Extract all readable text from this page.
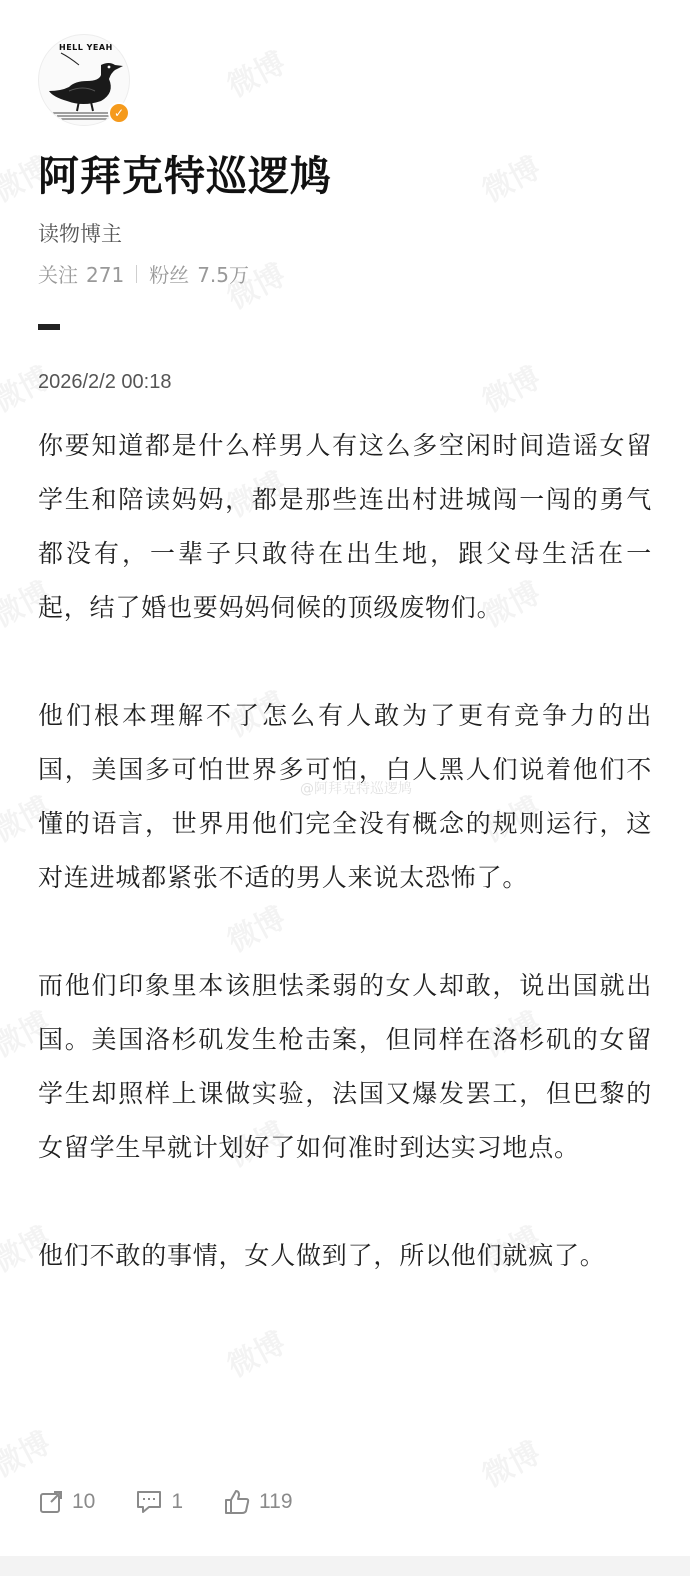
@阿拜克特巡逻鸠
HELL YEAH
✓
阿拜克特巡逻鸠
读物博主
关注 271 粉丝 7.5万
2026/2/2 00:18

你要知道都是什么样男人有这么多空闲时间造谣女留学生和陪读妈妈，都是那些连出村进城闯一闯的勇气都没有，一辈子只敢待在出生地，跟父母生活在一起，结了婚也要妈妈伺候的顶级废物们。

他们根本理解不了怎么有人敢为了更有竞争力的出国，美国多可怕世界多可怕，白人黑人们说着他们不懂的语言，世界用他们完全没有概念的规则运行，这对连进城都紧张不适的男人来说太恐怖了。

而他们印象里本该胆怯柔弱的女人却敢，说出国就出国。美国洛杉矶发生枪击案，但同样在洛杉矶的女留学生却照样上课做实验，法国又爆发罢工，但巴黎的女留学生早就计划好了如何准时到达实习地点。

他们不敢的事情，女人做到了，所以他们就疯了。

10	1	119
